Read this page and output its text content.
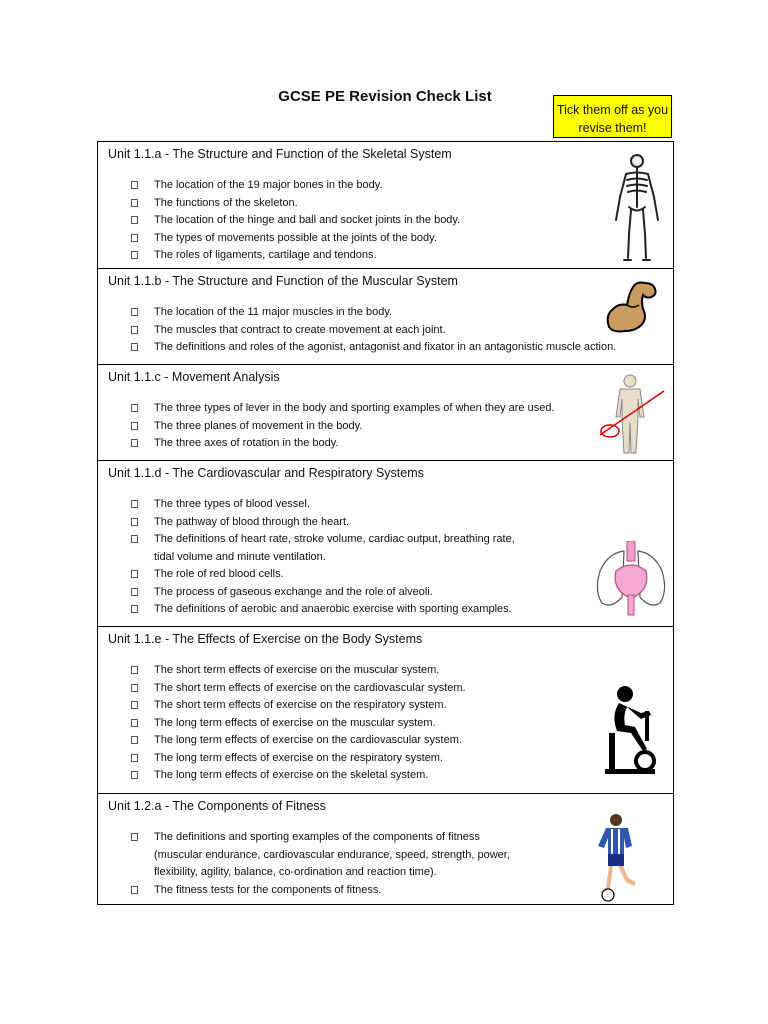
GCSE PE Revision Check List
Tick them off as you revise them!
Unit 1.1.a - The Structure and Function of the Skeletal System
The location of the 19 major bones in the body.
The functions of the skeleton.
The location of the hinge and ball and socket joints in the body.
The types of movements possible at the joints of the body.
The roles of ligaments, cartilage and tendons.
Unit 1.1.b - The Structure and Function of the Muscular System
The location of the 11 major muscles in the body.
The muscles that contract to create movement at each joint.
The definitions and roles of the agonist, antagonist and fixator in an antagonistic muscle action.
Unit 1.1.c - Movement Analysis
The three types of lever in the body and sporting examples of when they are used.
The three planes of movement in the body.
The three axes of rotation in the body.
Unit 1.1.d - The Cardiovascular and Respiratory Systems
The three types of blood vessel.
The pathway of blood through the heart.
The definitions of heart rate, stroke volume, cardiac output, breathing rate,
tidal volume and minute ventilation.
The role of red blood cells.
The process of gaseous exchange and the role of alveoli.
The definitions of aerobic and anaerobic exercise with sporting examples.
Unit 1.1.e - The Effects of Exercise on the Body Systems
The short term effects of exercise on the muscular system.
The short term effects of exercise on the cardiovascular system.
The short term effects of exercise on the respiratory system.
The long term effects of exercise on the muscular system.
The long term effects of exercise on the cardiovascular system.
The long term effects of exercise on the respiratory system.
The long term effects of exercise on the skeletal system.
Unit 1.2.a - The Components of Fitness
The definitions and sporting examples of the components of fitness
(muscular endurance, cardiovascular endurance, speed, strength, power,
flexibility, agility, balance, co-ordination and reaction time).
The fitness tests for the components of fitness.
